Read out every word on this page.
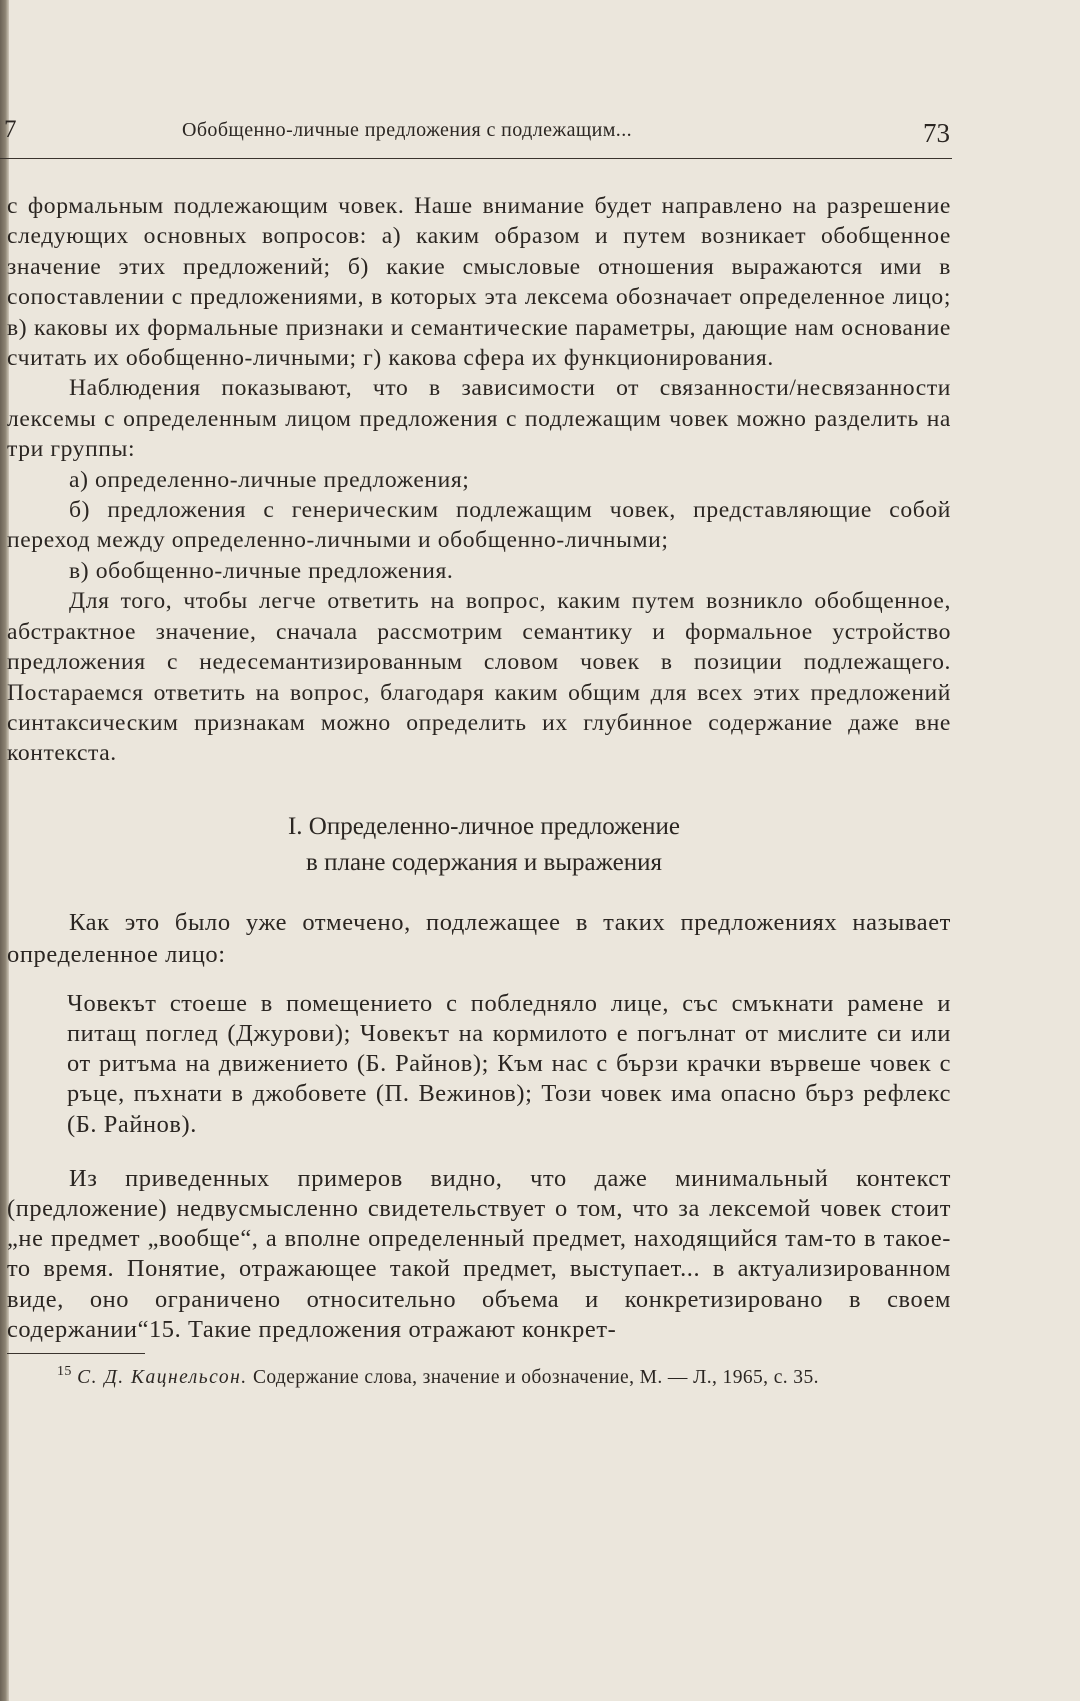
7	Обобщенно-личные предложения с подлежащим...	73

с формальным подлежающим човек. Наше внимание будет направлено на разрешение следующих основных вопросов: а) каким образом и путем возникает обобщенное значение этих предложений; б) какие смысловые отношения выражаются ими в сопоставлении с предложениями, в которых эта лексема обозначает определенное лицо; в) каковы их формальные признаки и семантические параметры, дающие нам основание считать их обобщенно-личными; г) какова сфера их функционирования.

Наблюдения показывают, что в зависимости от связанности/несвязанности лексемы с определенным лицом предложения с подлежащим човек можно разделить на три группы:

а) определенно-личные предложения;

б) предложения с генерическим подлежащим човек, представляющие собой переход между определенно-личными и обобщенно-личными;

в) обобщенно-личные предложения.

Для того, чтобы легче ответить на вопрос, каким путем возникло обобщенное, абстрактное значение, сначала рассмотрим семантику и формальное устройство предложения с недесемантизированным словом човек в позиции подлежащего. Постараемся ответить на вопрос, благодаря каким общим для всех этих предложений синтаксическим признакам можно определить их глубинное содержание даже вне контекста.

I. Определенно-личное предложение
в плане содержания и выражения

Как это было уже отмечено, подлежащее в таких предложениях называет определенное лицо:

Човекът стоеше в помещението с побледняло лице, със смъкнати рамене и питащ поглед (Джурови); Човекът на кормилото е погълнат от мислите си или от ритъма на движението (Б. Райнов); Към нас с бързи крачки вървеше човек с ръце, пъхнати в джобовете (П. Вежинов); Този човек има опасно бърз рефлекс (Б. Райнов).

Из приведенных примеров видно, что даже минимальный контекст (предложение) недвусмысленно свидетельствует о том, что за лексемой човек стоит „не предмет „вообще“, а вполне определенный предмет, находящийся там-то в такое-то время. Понятие, отражающее такой предмет, выступает... в актуализированном виде, оно ограничено относительно объема и конкретизировано в своем содержании“15. Такие предложения отражают конкрет-

$^{15}$ С. Д. Кацнельсон. Содержание слова, значение и обозначение, М. — Л., 1965, с. 35.
